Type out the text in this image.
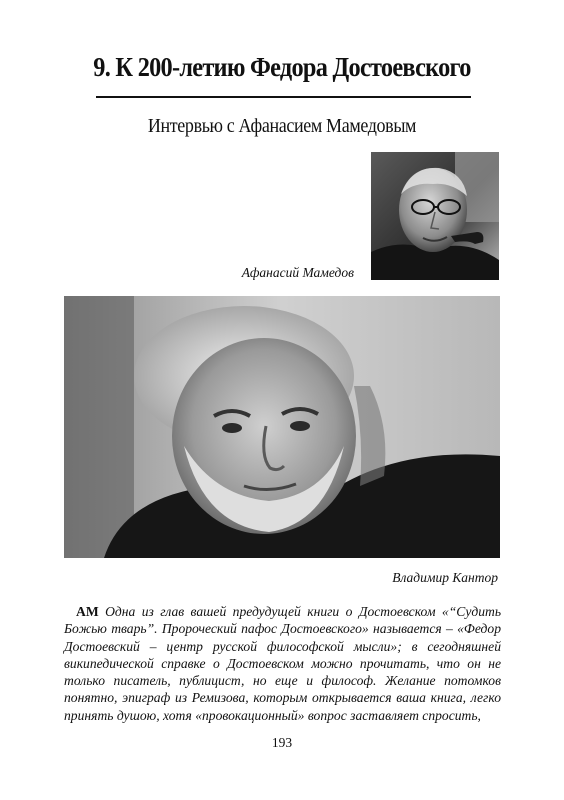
9. К 200-летию Федора Достоевского
Интервью с Афанасием Мамедовым
Афанасий Мамедов
Владимир Кантор

АМ Одна из глав вашей предудущей книги о Достоевском «“Судить Божью тварь”. Пророческий пафос Достоевского» называется – «Федор Достоевский – центр русской философской мысли»; в сегодняшней википедической справке о Достоевском можно прочитать, что он не только писатель, публицист, но еще и философ. Желание потомков понятно, эпиграф из Ремизова, которым открывается ваша книга, легко принять душою, хотя «провокационный» вопрос заставляет спросить,

193
